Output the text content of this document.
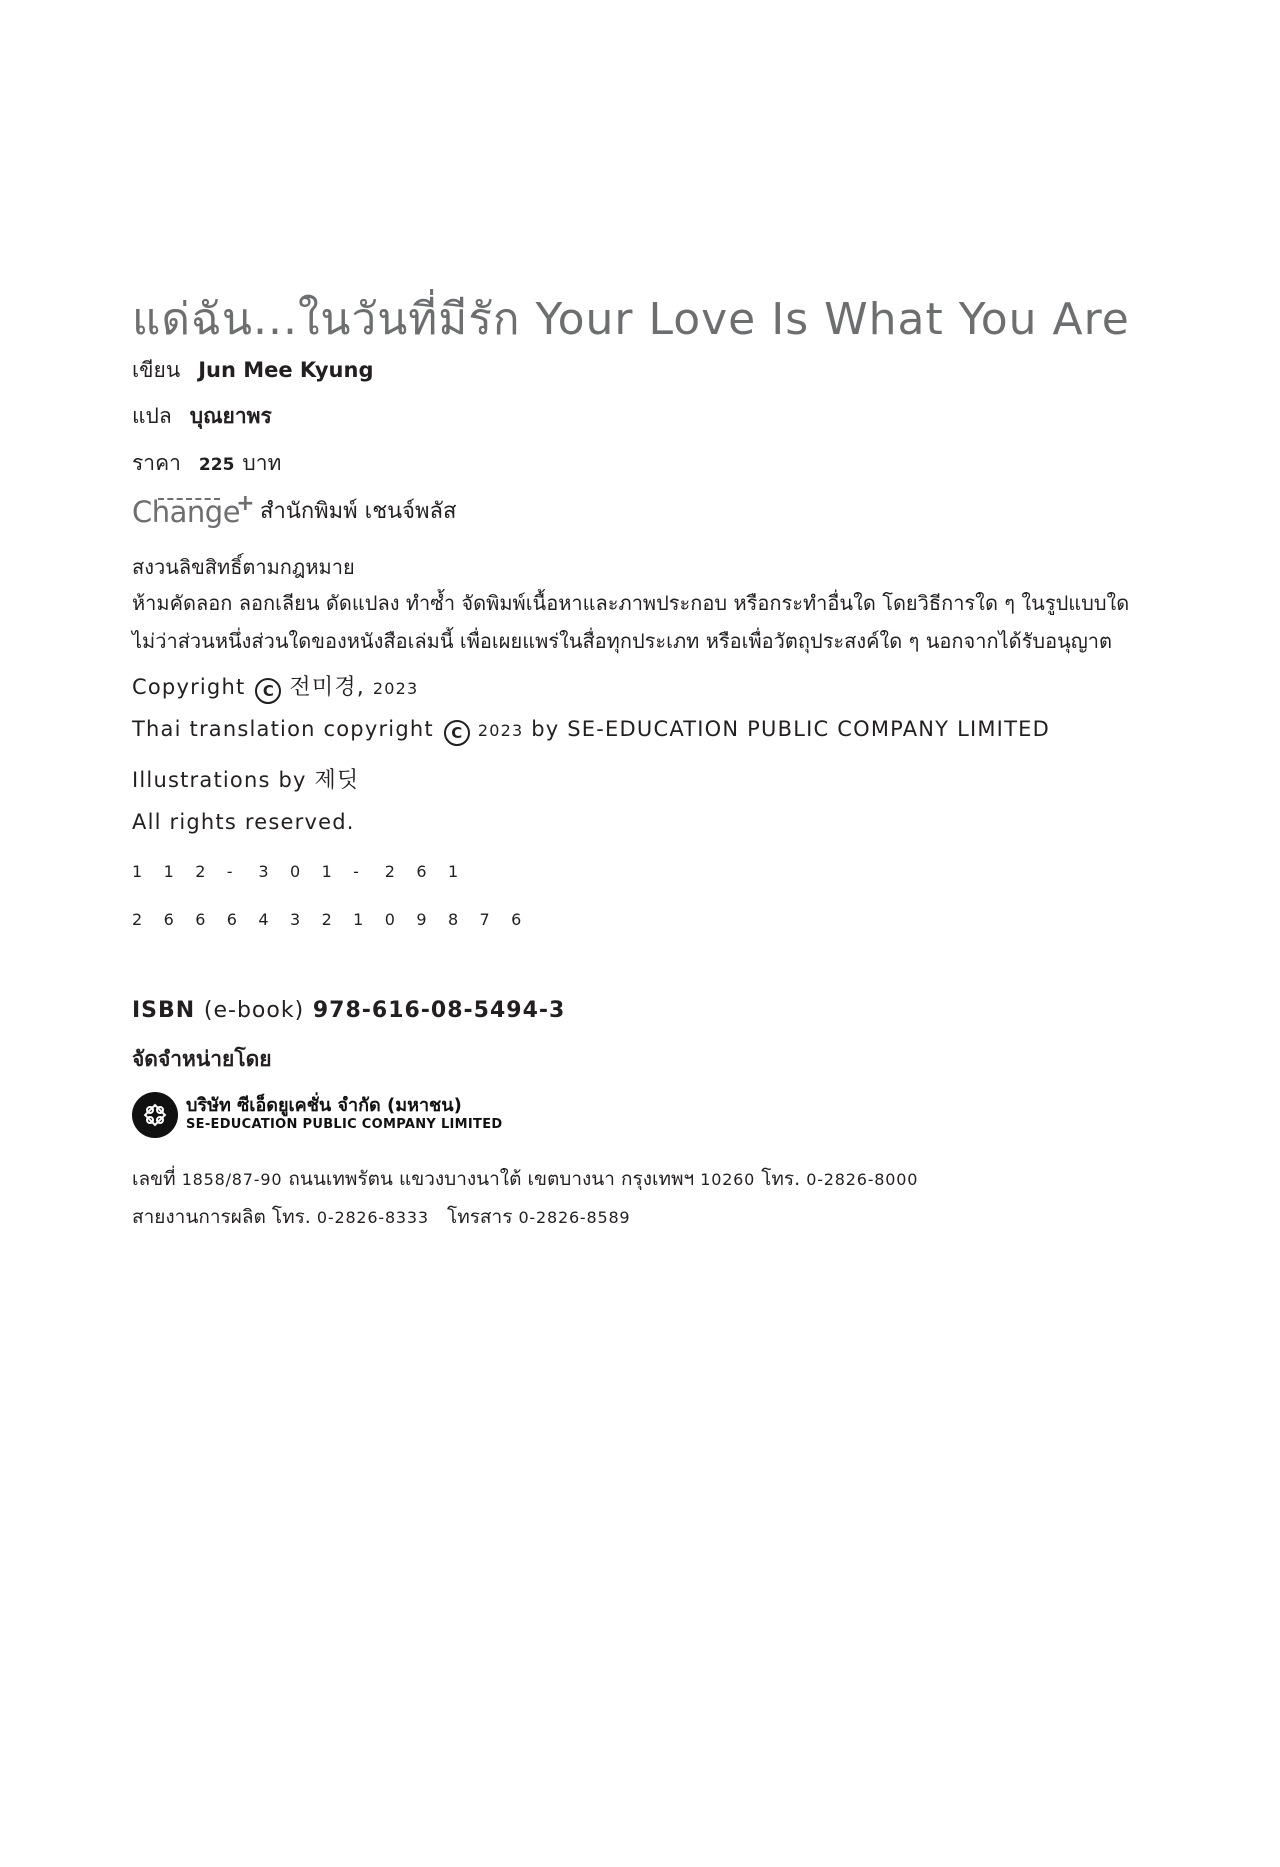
แด่ฉัน...ในวันที่มีรัก Your Love Is What You Are
เขียน Jun Mee Kyung
แปล บุณยาพร
ราคา 225 บาท
Change
+ สำนักพิมพ์ เชนจ์พลัส
สงวนลิขสิทธิ์ตามกฎหมาย
ห้ามคัดลอก ลอกเลียน ดัดแปลง ทำซ้ำ จัดพิมพ์เนื้อหาและภาพประกอบ หรือกระทำอื่นใด โดยวิธีการใด ๆ ในรูปแบบใด
ไม่ว่าส่วนหนึ่งส่วนใดของหนังสือเล่มนี้ เพื่อเผยแพร่ในสื่อทุกประเภท หรือเพื่อวัตถุประสงค์ใด ๆ นอกจากได้รับอนุญาต
Copyright C 전미경, 2023
Thai translation copyright C 2023 by SE-EDUCATION PUBLIC COMPANY LIMITED
Illustrations by 제딧
All rights reserved.
1 1 2 - 3 0 1 - 2 6 1
2 6 6 6 4 3 2 1 0 9 8 7 6
ISBN (e-book) 978-616-08-5494-3
จัดจำหน่ายโดย
บริษัท ซีเอ็ดยูเคชั่น จำกัด (มหาชน)
SE-EDUCATION PUBLIC COMPANY LIMITED
เลขที่ 1858/87-90 ถนนเทพรัตน แขวงบางนาใต้ เขตบางนา กรุงเทพฯ 10260 โทร. 0-2826-8000
สายงานการผลิต โทร. 0-2826-8333 โทรสาร 0-2826-8589
